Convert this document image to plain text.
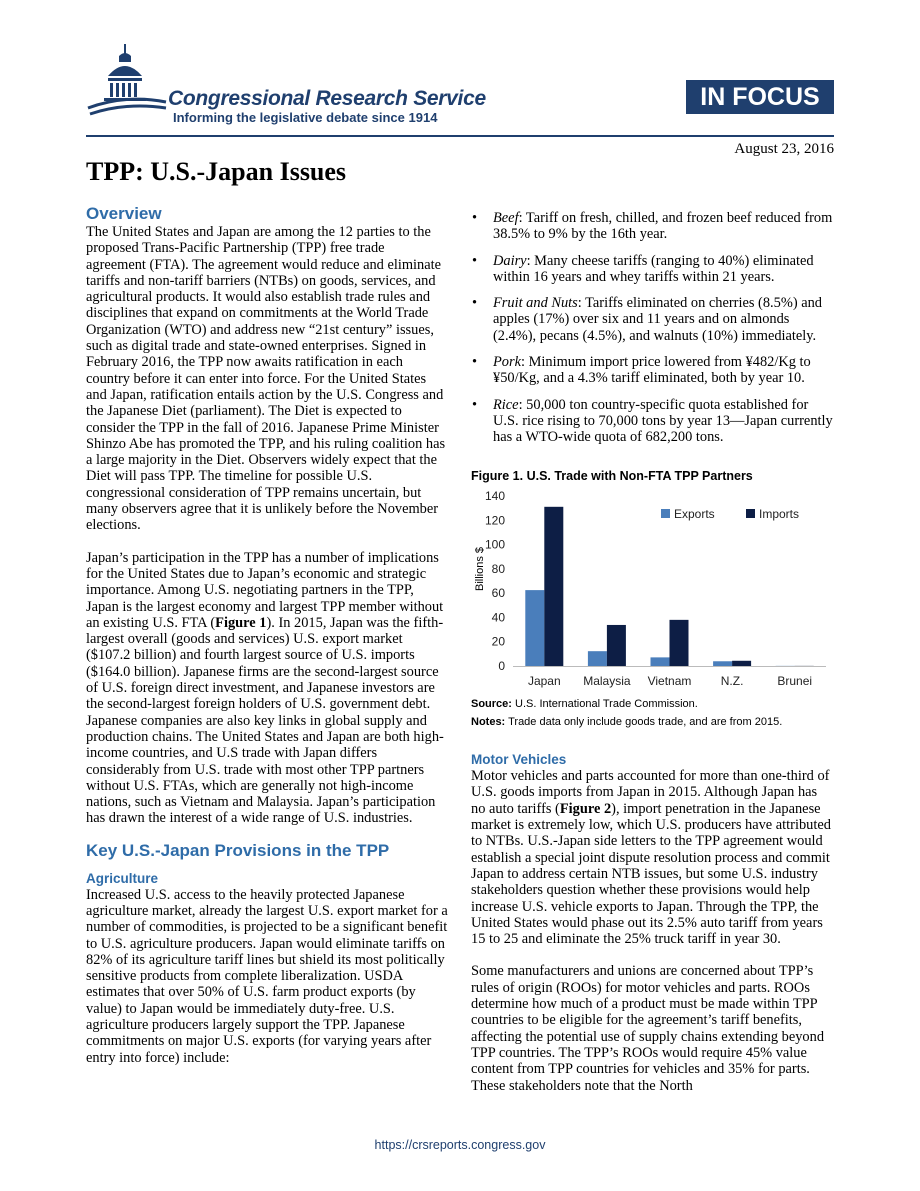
Congressional Research Service
Informing the legislative debate since 1914
IN FOCUS
August 23, 2016
TPP: U.S.-Japan Issues
Overview

The United States and Japan are among the 12 parties to the proposed Trans-Pacific Partnership (TPP) free trade agreement (FTA). The agreement would reduce and eliminate tariffs and non-tariff barriers (NTBs) on goods, services, and agricultural products. It would also establish trade rules and disciplines that expand on commitments at the World Trade Organization (WTO) and address new “21st century” issues, such as digital trade and state-owned enterprises. Signed in February 2016, the TPP now awaits ratification in each country before it can enter into force. For the United States and Japan, ratification entails action by the U.S. Congress and the Japanese Diet (parliament). The Diet is expected to consider the TPP in the fall of 2016. Japanese Prime Minister Shinzo Abe has promoted the TPP, and his ruling coalition has a large majority in the Diet. Observers widely expect that the Diet will pass TPP. The timeline for possible U.S. congressional consideration of TPP remains uncertain, but many observers agree that it is unlikely before the November elections.

Japan’s participation in the TPP has a number of implications for the United States due to Japan’s economic and strategic importance. Among U.S. negotiating partners in the TPP, Japan is the largest economy and largest TPP member without an existing U.S. FTA (Figure 1). In 2015, Japan was the fifth-largest overall (goods and services) U.S. export market ($107.2 billion) and fourth largest source of U.S. imports ($164.0 billion). Japanese firms are the second-largest source of U.S. foreign direct investment, and Japanese investors are the second-largest foreign holders of U.S. government debt. Japanese companies are also key links in global supply and production chains. The United States and Japan are both high-income countries, and U.S trade with Japan differs considerably from U.S. trade with most other TPP partners without U.S. FTAs, which are generally not high-income nations, such as Vietnam and Malaysia. Japan’s participation has drawn the interest of a wide range of U.S. industries.

Key U.S.-Japan Provisions in the TPP
Agriculture

Increased U.S. access to the heavily protected Japanese agriculture market, already the largest U.S. export market for a number of commodities, is projected to be a significant benefit to U.S. agriculture producers. Japan would eliminate tariffs on 82% of its agriculture tariff lines but shield its most politically sensitive products from complete liberalization. USDA estimates that over 50% of U.S. farm product exports (by value) to Japan would be immediately duty-free. U.S. agriculture producers largely support the TPP. Japanese commitments on major U.S. exports (for varying years after entry into force) include:

• Beef: Tariff on fresh, chilled, and frozen beef reduced from 38.5% to 9% by the 16th year.
• Dairy: Many cheese tariffs (ranging to 40%) eliminated within 16 years and whey tariffs within 21 years.
• Fruit and Nuts: Tariffs eliminated on cherries (8.5%) and apples (17%) over six and 11 years and on almonds (2.4%), pecans (4.5%), and walnuts (10%) immediately.
• Pork: Minimum import price lowered from ¥482/Kg to ¥50/Kg, and a 4.3% tariff eliminated, both by year 10.
• Rice: 50,000 ton country-specific quota established for U.S. rice rising to 70,000 tons by year 13—Japan currently has a WTO-wide quota of 682,200 tons.
Figure 1. U.S. Trade with Non-FTA TPP Partners
Billions $
0
20
40
60
80
100
120
140
Japan Malaysia Vietnam N.Z.	Brunei
Exports	Imports
Source: U.S. International Trade Commission.
Notes: Trade data only include goods trade, and are from 2015.
Motor Vehicles

Motor vehicles and parts accounted for more than one-third of U.S. goods imports from Japan in 2015. Although Japan has no auto tariffs (Figure 2), import penetration in the Japanese market is extremely low, which U.S. producers have attributed to NTBs. U.S.-Japan side letters to the TPP agreement would establish a special joint dispute resolution process and commit Japan to address certain NTB issues, but some U.S. industry stakeholders question whether these provisions would help increase U.S. vehicle exports to Japan. Through the TPP, the United States would phase out its 2.5% auto tariff from years 15 to 25 and eliminate the 25% truck tariff in year 30.

Some manufacturers and unions are concerned about TPP’s rules of origin (ROOs) for motor vehicles and parts. ROOs determine how much of a product must be made within TPP countries to be eligible for the agreement’s tariff benefits, affecting the potential use of supply chains extending beyond TPP countries. The TPP’s ROOs would require 45% value content from TPP countries for vehicles and 35% for parts. These stakeholders note that the North

https://crsreports.congress.gov
